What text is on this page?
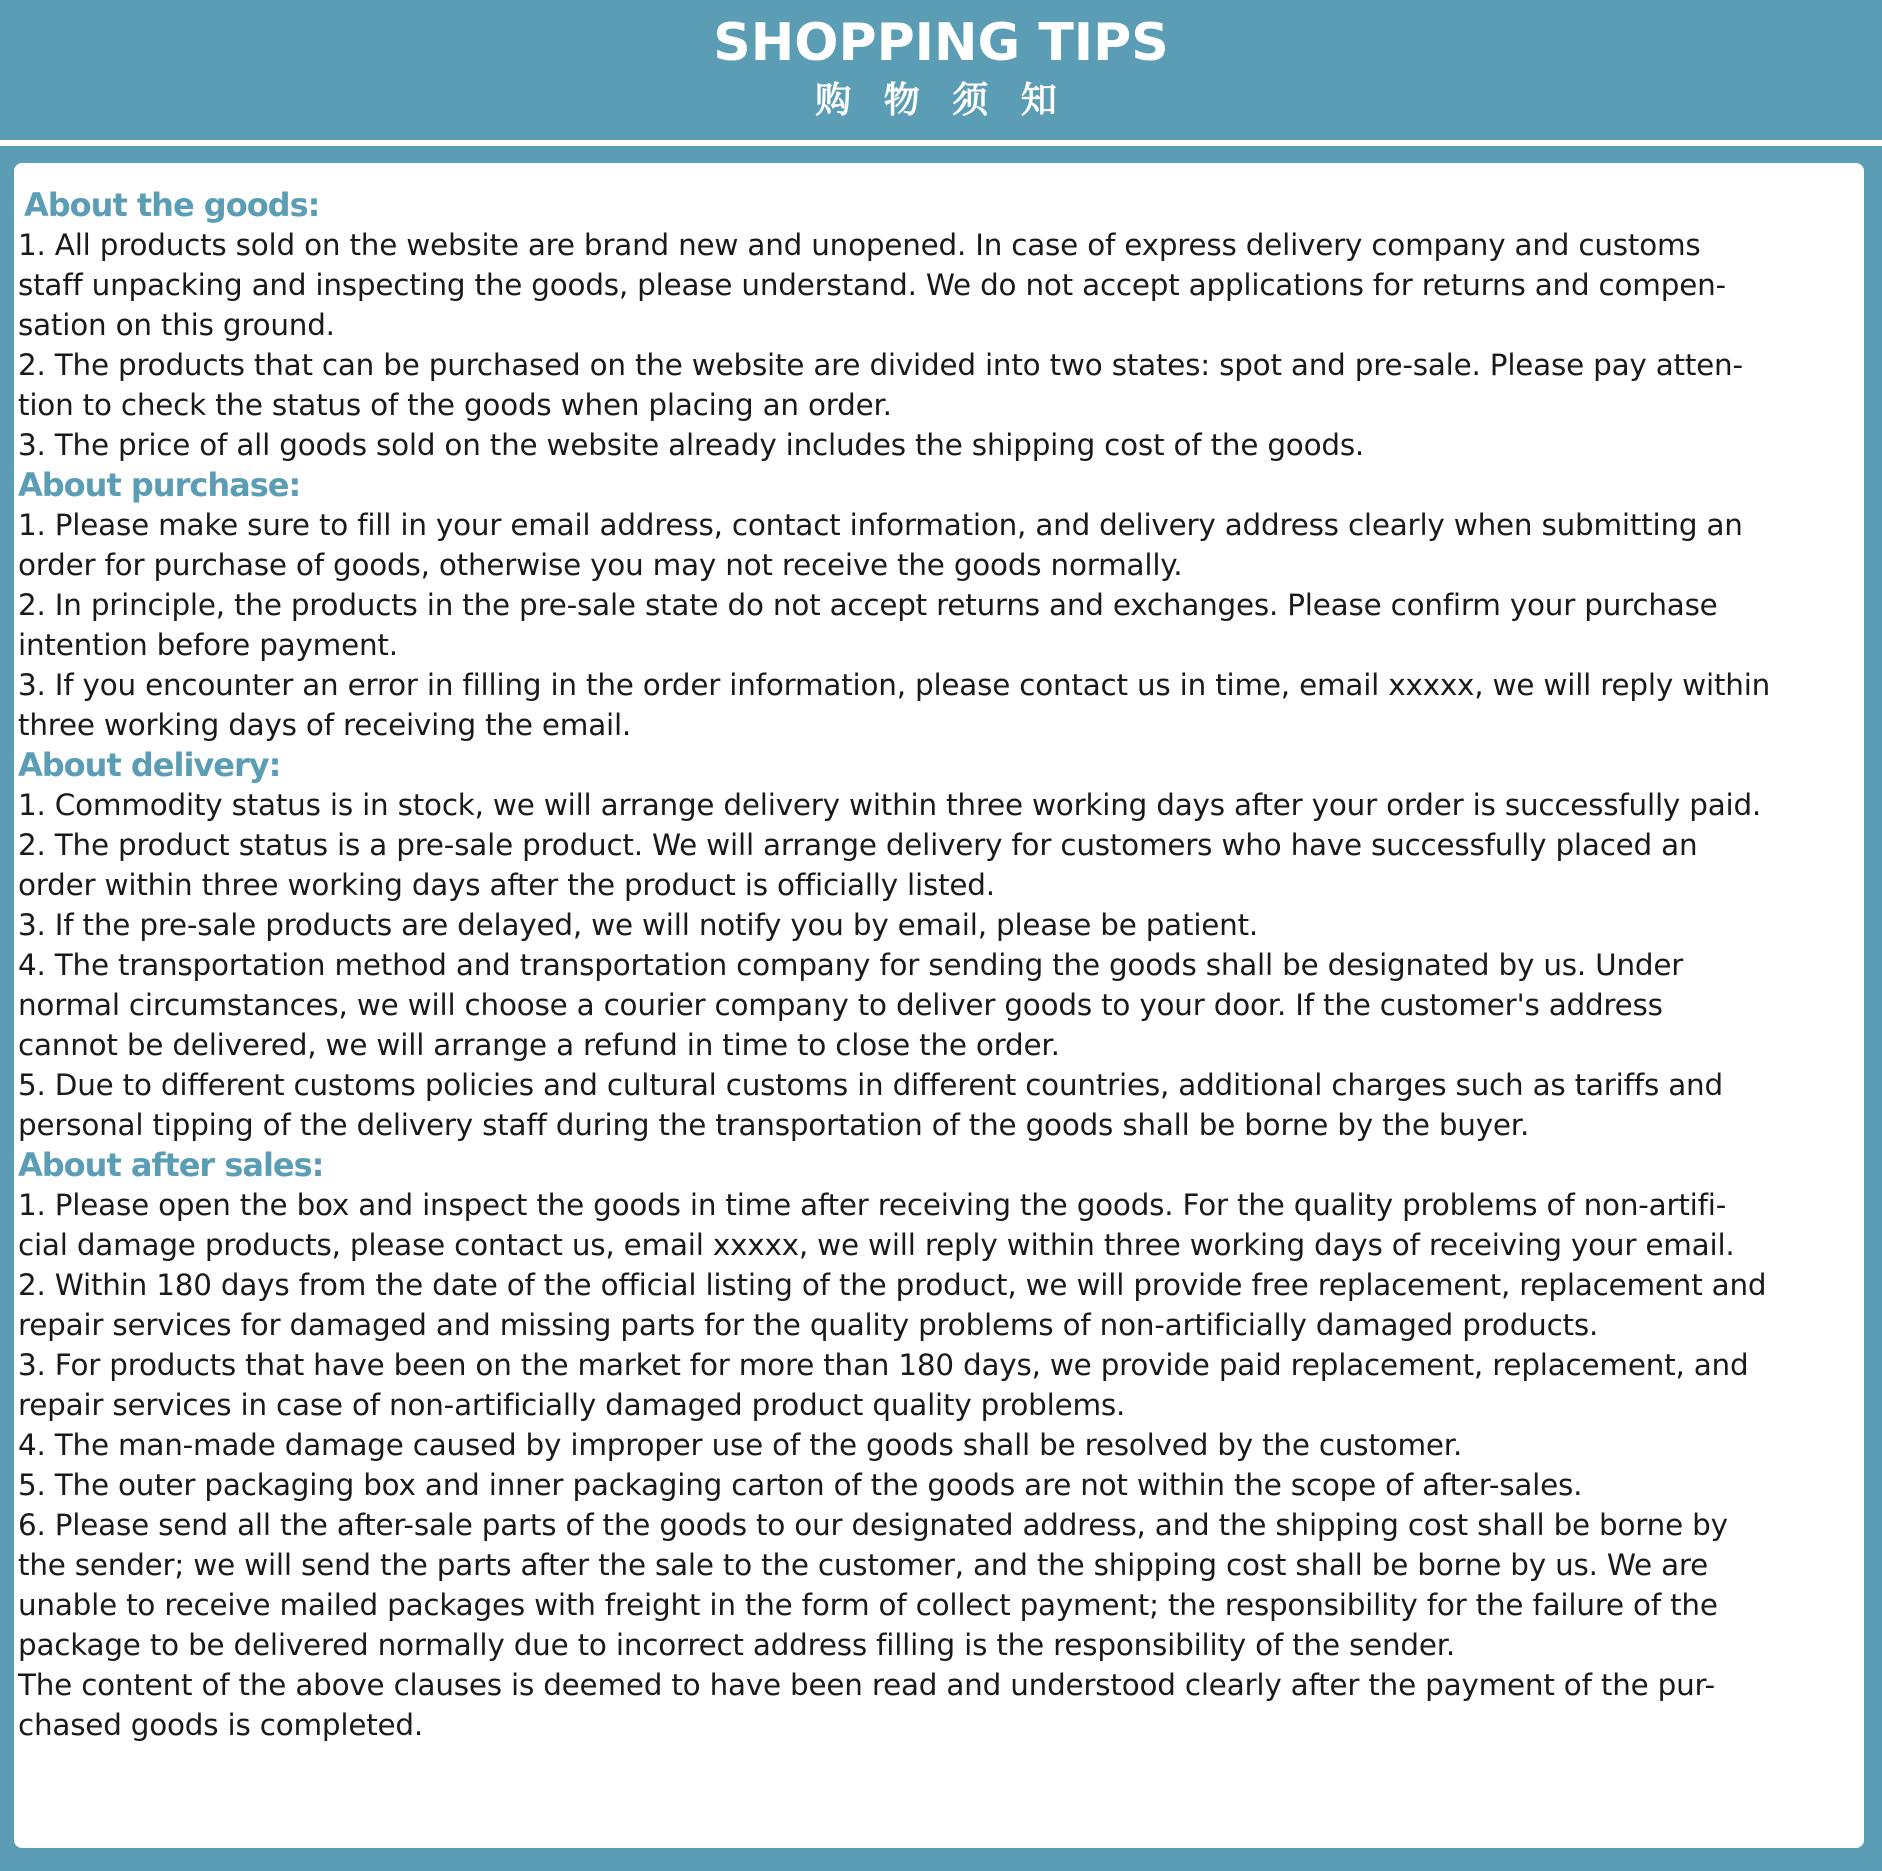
SHOPPING TIPS
购 物 须 知

About the goods:

1. All products sold on the website are brand new and unopened. In case of express delivery company and customs

staff unpacking and inspecting the goods, please understand. We do not accept applications for returns and compen-

sation on this ground.

2. The products that can be purchased on the website are divided into two states: spot and pre-sale. Please pay atten-

tion to check the status of the goods when placing an order.

3. The price of all goods sold on the website already includes the shipping cost of the goods.

About purchase:

1. Please make sure to fill in your email address, contact information, and delivery address clearly when submitting an

order for purchase of goods, otherwise you may not receive the goods normally.

2. In principle, the products in the pre-sale state do not accept returns and exchanges. Please confirm your purchase

intention before payment.

3. If you encounter an error in filling in the order information, please contact us in time, email xxxxx, we will reply within

three working days of receiving the email.

About delivery:

1. Commodity status is in stock, we will arrange delivery within three working days after your order is successfully paid.

2. The product status is a pre-sale product. We will arrange delivery for customers who have successfully placed an

order within three working days after the product is officially listed.

3. If the pre-sale products are delayed, we will notify you by email, please be patient.

4. The transportation method and transportation company for sending the goods shall be designated by us. Under

normal circumstances, we will choose a courier company to deliver goods to your door. If the customer's address

cannot be delivered, we will arrange a refund in time to close the order.

5. Due to different customs policies and cultural customs in different countries, additional charges such as tariffs and

personal tipping of the delivery staff during the transportation of the goods shall be borne by the buyer.

About after sales:

1. Please open the box and inspect the goods in time after receiving the goods. For the quality problems of non-artifi-

cial damage products, please contact us, email xxxxx, we will reply within three working days of receiving your email.

2. Within 180 days from the date of the official listing of the product, we will provide free replacement, replacement and

repair services for damaged and missing parts for the quality problems of non-artificially damaged products.

3. For products that have been on the market for more than 180 days, we provide paid replacement, replacement, and

repair services in case of non-artificially damaged product quality problems.

4. The man-made damage caused by improper use of the goods shall be resolved by the customer.

5. The outer packaging box and inner packaging carton of the goods are not within the scope of after-sales.

6. Please send all the after-sale parts of the goods to our designated address, and the shipping cost shall be borne by

the sender; we will send the parts after the sale to the customer, and the shipping cost shall be borne by us. We are

unable to receive mailed packages with freight in the form of collect payment; the responsibility for the failure of the

package to be delivered normally due to incorrect address filling is the responsibility of the sender.

The content of the above clauses is deemed to have been read and understood clearly after the payment of the pur-

chased goods is completed.
